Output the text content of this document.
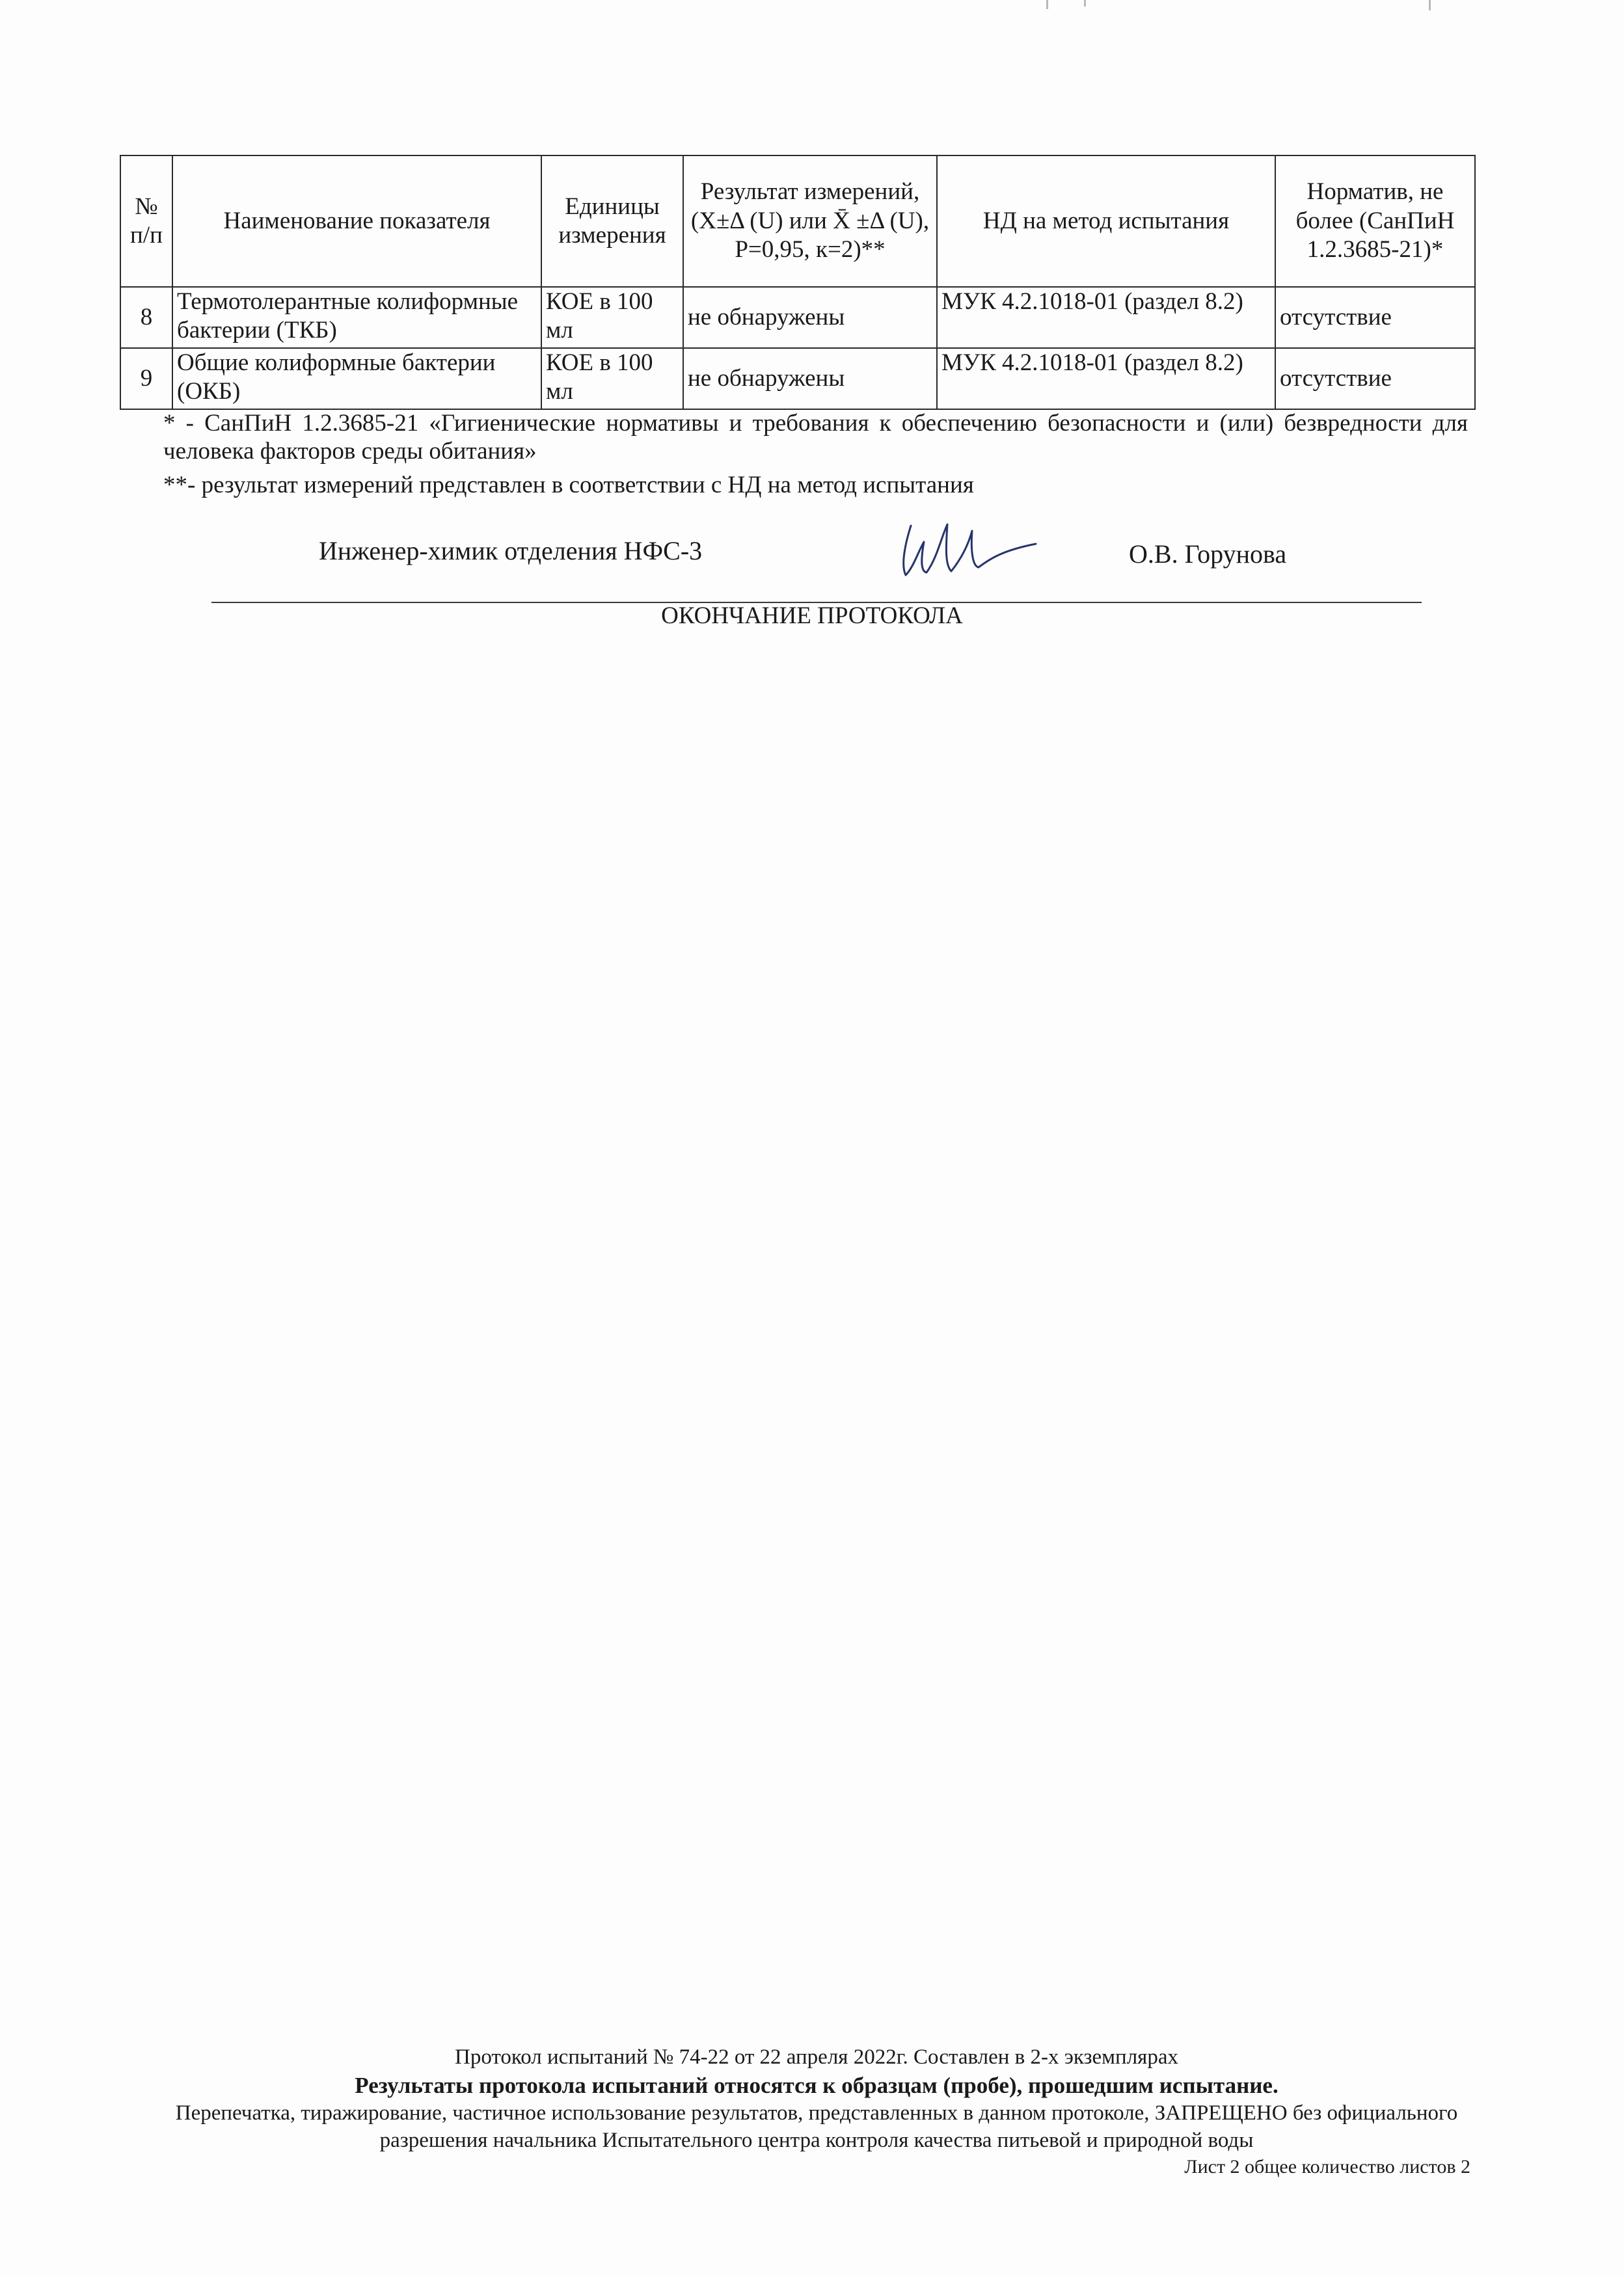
№ п/п	Наименование показателя	Единицы измерения	Результат измерений, (X±Δ (U) или X̄ ±Δ (U), P=0,95, к=2)**	НД на метод испытания	Норматив, не более (СанПиН 1.2.3685-21)*
8	Термотолерантные колиформные бактерии (ТКБ)	КОЕ в 100 мл	не обнаружены	МУК 4.2.1018-01 (раздел 8.2)	отсутствие
9	Общие колиформные бактерии (ОКБ)	КОЕ в 100 мл	не обнаружены	МУК 4.2.1018-01 (раздел 8.2)	отсутствие

* - СанПиН 1.2.3685-21 «Гигиенические нормативы и требования к обеспечению безопасности и (или) безвредности для человека факторов среды обитания»

**- результат измерений представлен в соответствии с НД на метод испытания

Инженер-химик отделения НФС-3	О.В. Горунова
ОКОНЧАНИЕ ПРОТОКОЛА

Протокол испытаний № 74-22 от 22 апреля 2022г. Составлен в 2-х экземплярах

Результаты протокола испытаний относятся к образцам (пробе), прошедшим испытание.

Перепечатка, тиражирование, частичное использование результатов, представленных в данном протоколе, ЗАПРЕЩЕНО без официального разрешения начальника Испытательного центра контроля качества питьевой и природной воды

Лист 2 общее количество листов 2
